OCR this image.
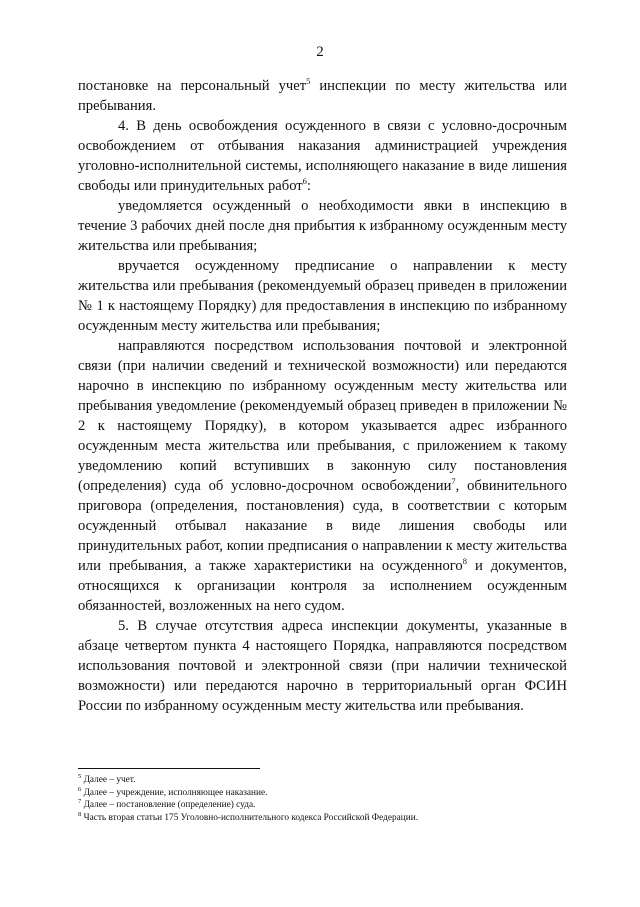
2

постановке на персональный учет$^5$ инспекции по месту жительства или пребывания.

4. В день освобождения осужденного в связи с условно-досрочным освобождением от отбывания наказания администрацией учреждения уголовно-исполнительной системы, исполняющего наказание в виде лишения свободы или принудительных работ$^6$:

уведомляется осужденный о необходимости явки в инспекцию в течение 3 рабочих дней после дня прибытия к избранному осужденным месту жительства или пребывания;

вручается осужденному предписание о направлении к месту жительства или пребывания (рекомендуемый образец приведен в приложении № 1 к настоящему Порядку) для предоставления в инспекцию по избранному осужденным месту жительства или пребывания;

направляются посредством использования почтовой и электронной связи (при наличии сведений и технической возможности) или передаются нарочно в инспекцию по избранному осужденным месту жительства или пребывания уведомление (рекомендуемый образец приведен в приложении № 2 к настоящему Порядку), в котором указывается адрес избранного осужденным места жительства или пребывания, с приложением к такому уведомлению копий вступивших в законную силу постановления (определения) суда об условно-досрочном освобождении$^7$, обвинительного приговора (определения, постановления) суда, в соответствии с которым осужденный отбывал наказание в виде лишения свободы или принудительных работ, копии предписания о направлении к месту жительства или пребывания, а также характеристики на осужденного$^8$ и документов, относящихся к организации контроля за исполнением осужденным обязанностей, возложенных на него судом.

5. В случае отсутствия адреса инспекции документы, указанные в абзаце четвертом пункта 4 настоящего Порядка, направляются посредством использования почтовой и электронной связи (при наличии технической возможности) или передаются нарочно в территориальный орган ФСИН России по избранному осужденным месту жительства или пребывания.

$^5$ Далее – учет.
$^6$ Далее – учреждение, исполняющее наказание.
$^7$ Далее – постановление (определение) суда.
$^8$ Часть вторая статьи 175 Уголовно-исполнительного кодекса Российской Федерации.
